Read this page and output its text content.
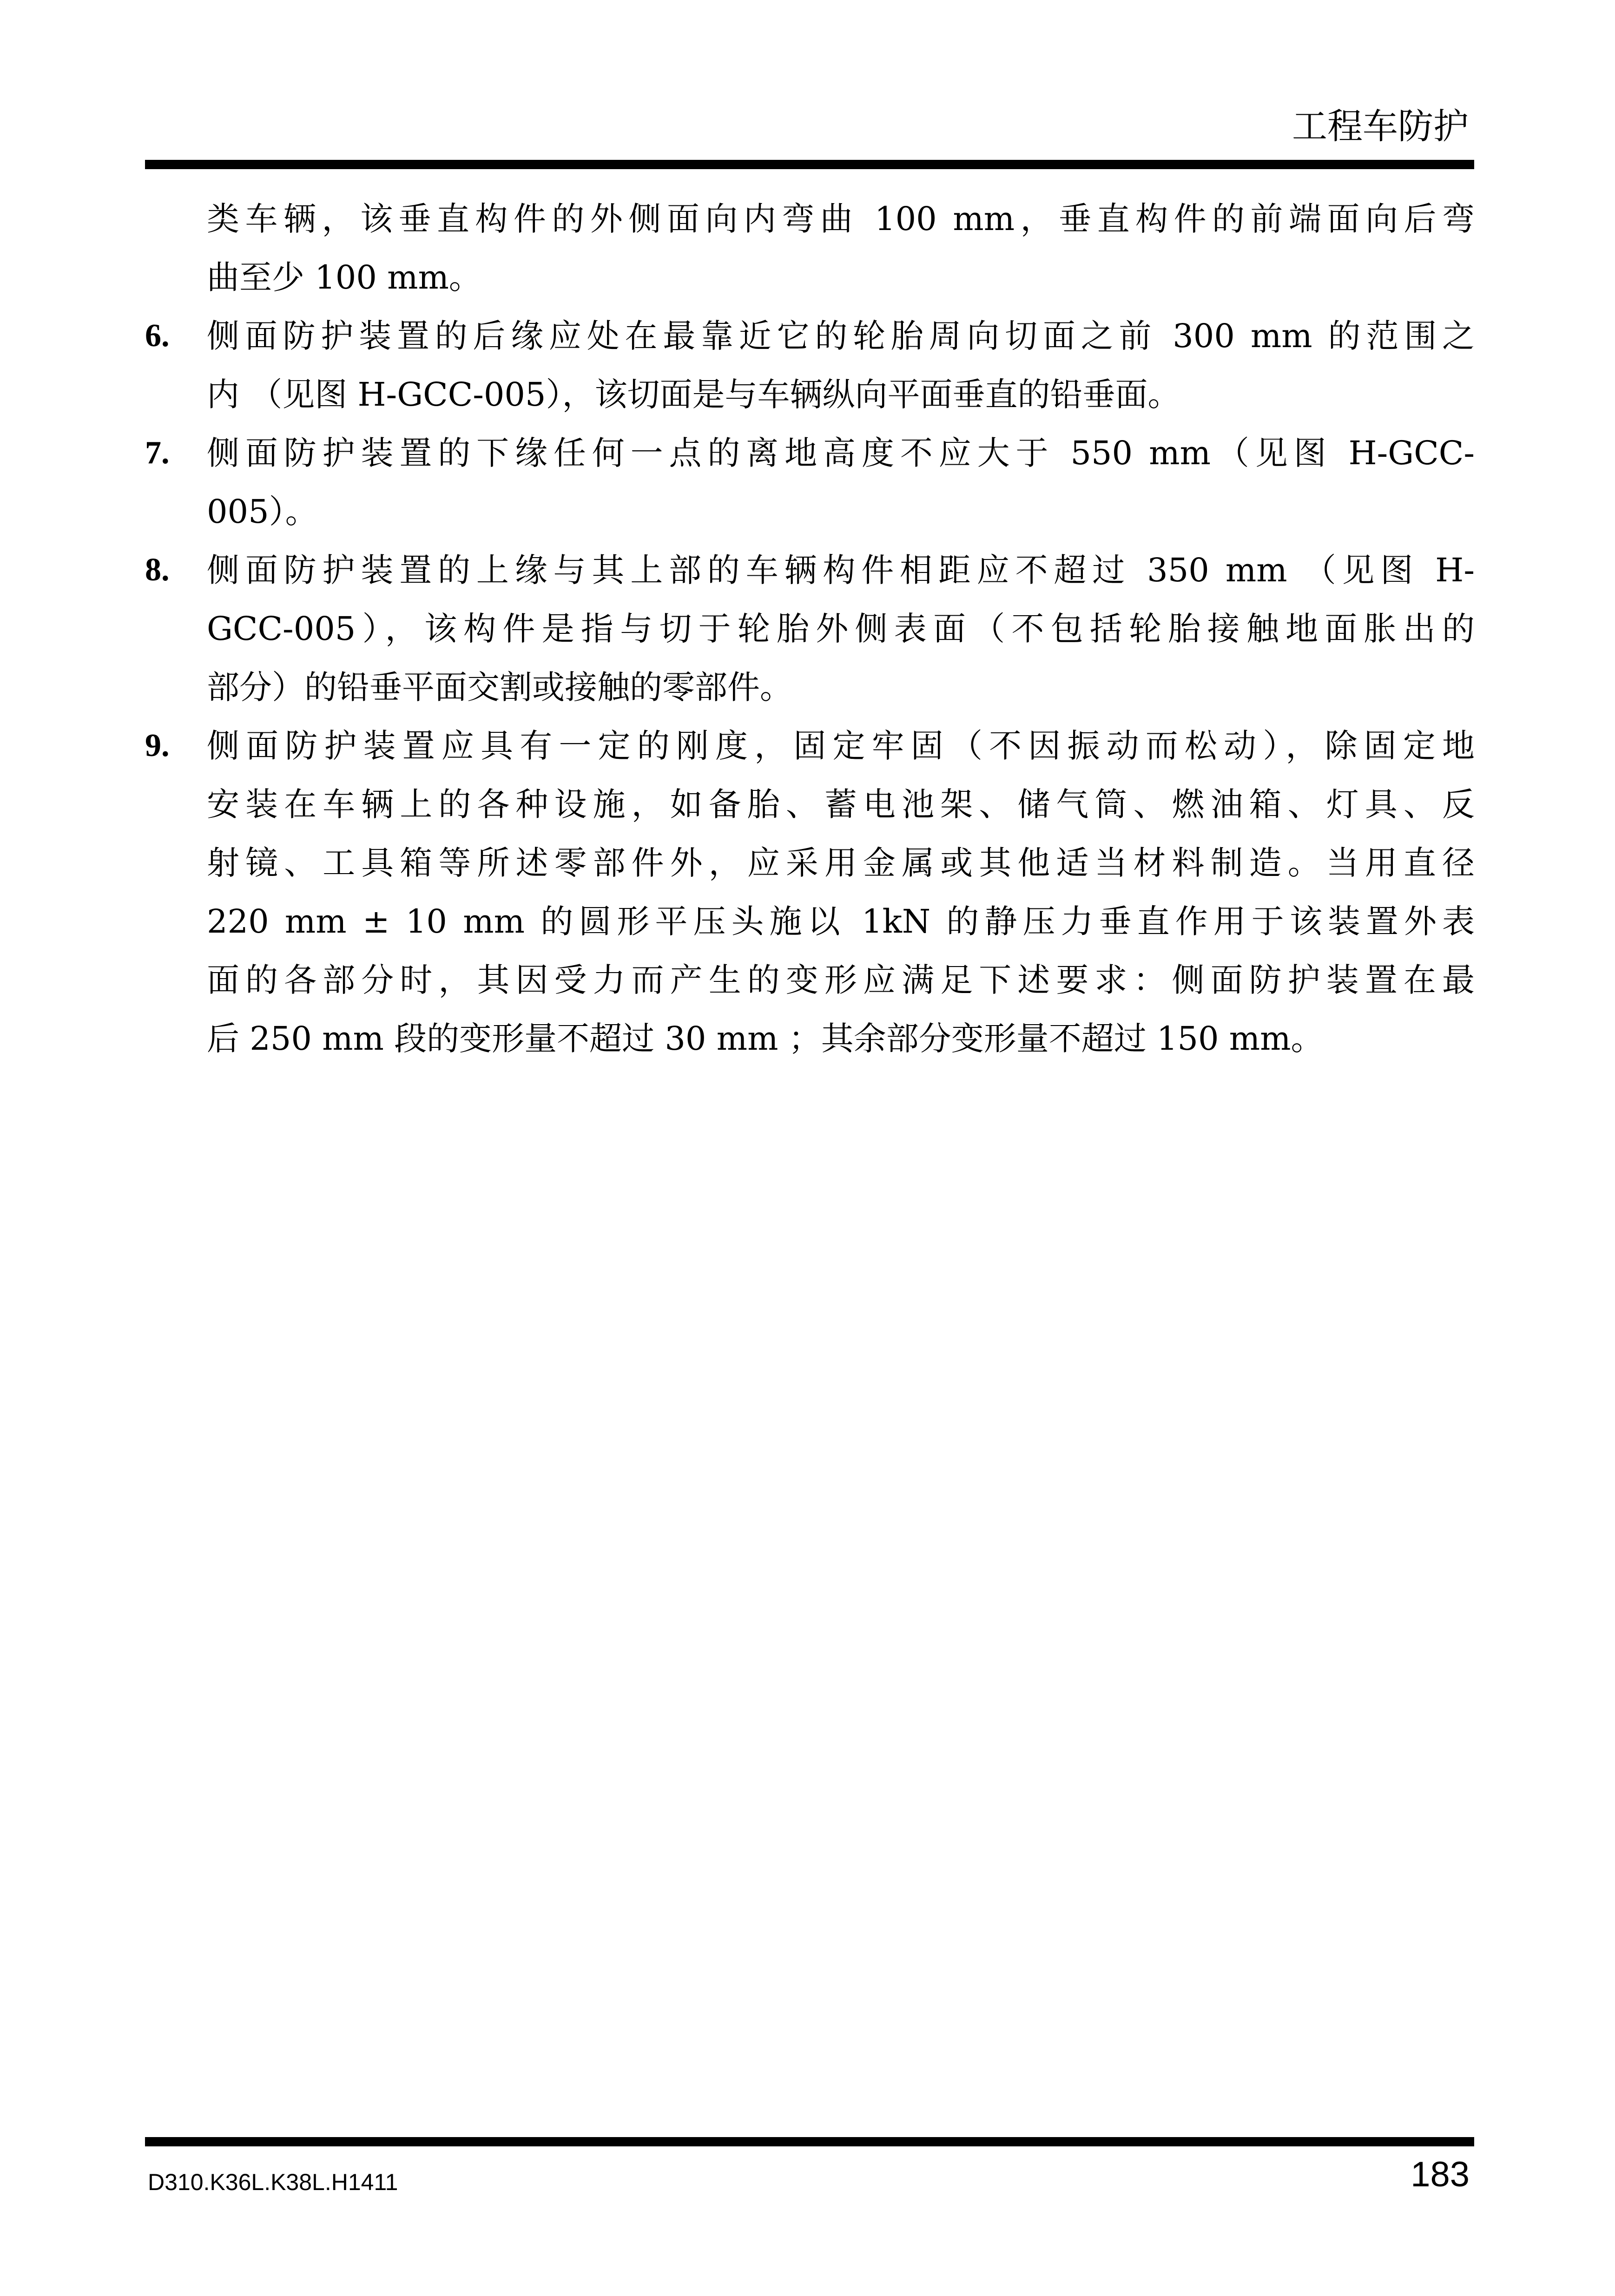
工程车防护
类车辆，该垂直构件的外侧面向内弯曲 100 mm，垂直构件的前端面向后弯
曲至少 100 mm。
6.	侧面防护装置的后缘应处在最靠近它的轮胎周向切面之前 300 mm 的范围之
内 （见图 H-GCC-005），该切面是与车辆纵向平面垂直的铅垂面。
7.	侧面防护装置的下缘任何一点的离地高度不应大于 550 mm（见图 H-GCC-
005）。
8.	侧面防护装置的上缘与其上部的车辆构件相距应不超过 350 mm （见图 H-
GCC-005），该构件是指与切于轮胎外侧表面（不包括轮胎接触地面胀出的
部分）的铅垂平面交割或接触的零部件。
9.	侧面防护装置应具有一定的刚度，固定牢固（不因振动而松动），除固定地
安装在车辆上的各种设施，如备胎、蓄电池架、储气筒、燃油箱、灯具、反
射镜、工具箱等所述零部件外，应采用金属或其他适当材料制造。当用直径
220 mm ± 10 mm 的圆形平压头施以 1kN 的静压力垂直作用于该装置外表
面的各部分时，其因受力而产生的变形应满足下述要求：侧面防护装置在最
后 250 mm 段的变形量不超过 30 mm ；其余部分变形量不超过 150 mm。
D310.K36L.K38L.H1411	183
